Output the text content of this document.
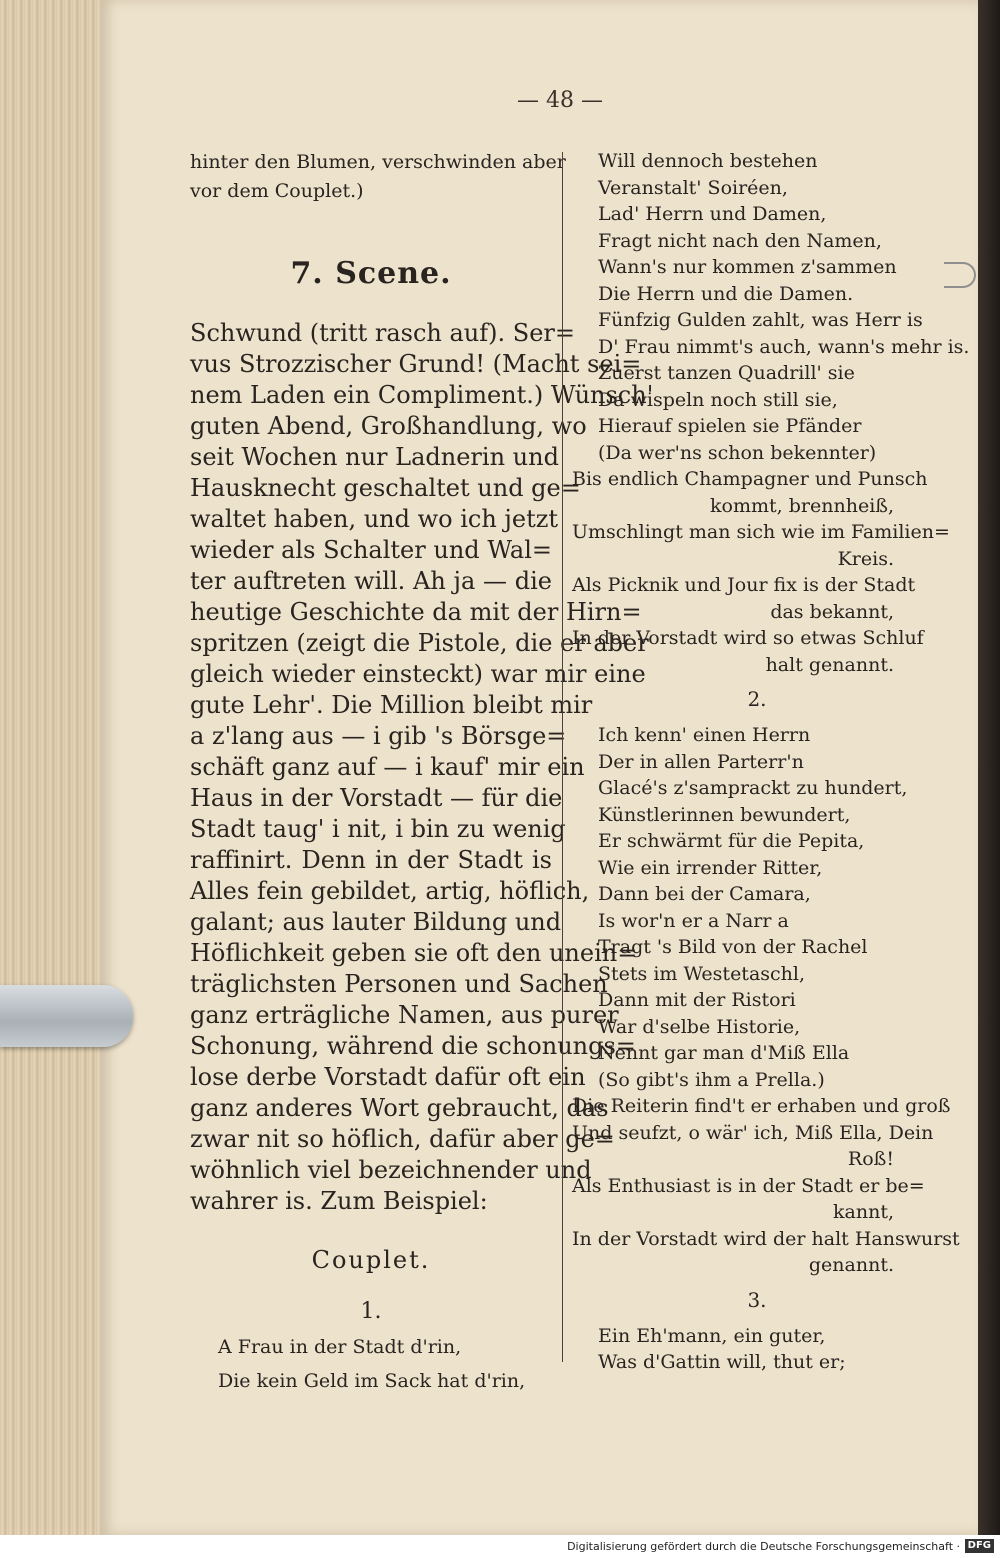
— 48 —
hinter den Blumen, verschwinden aber
vor dem Couplet.)
7. Scene.
Schwund (tritt rasch auf). Ser=
vus Strozzischer Grund! (Macht sei=
nem Laden ein Compliment.) Wünsch'
guten Abend, Großhandlung, wo
seit Wochen nur Ladnerin und
Hausknecht geschaltet und ge=
waltet haben, und wo ich jetzt
wieder als Schalter und Wal=
ter auftreten will. Ah ja — die
heutige Geschichte da mit der Hirn=
spritzen (zeigt die Pistole, die er aber
gleich wieder einsteckt) war mir eine
gute Lehr'. Die Million bleibt mir
a z'lang aus — i gib 's Börsge=
schäft ganz auf — i kauf' mir ein
Haus in der Vorstadt — für die
Stadt taug' i nit, i bin zu wenig
raffinirt. Denn in der Stadt is
Alles fein gebildet, artig, höflich,
galant; aus lauter Bildung und
Höflichkeit geben sie oft den unein=
träglichsten Personen und Sachen
ganz erträgliche Namen, aus purer
Schonung, während die schonungs=
lose derbe Vorstadt dafür oft ein
ganz anderes Wort gebraucht, das
zwar nit so höflich, dafür aber ge=
wöhnlich viel bezeichnender und
wahrer is. Zum Beispiel:
Couplet.
1.
A Frau in der Stadt d'rin,
Die kein Geld im Sack hat d'rin,
Will dennoch bestehen
Veranstalt' Soiréen,
Lad' Herrn und Damen,
Fragt nicht nach den Namen,
Wann's nur kommen z'sammen
Die Herrn und die Damen.
Fünfzig Gulden zahlt, was Herr is
D' Frau nimmt's auch, wann's mehr is.
Zuerst tanzen Quadrill' sie
Da wispeln noch still sie,
Hierauf spielen sie Pfänder
(Da wer'ns schon bekennter)
Bis endlich Champagner und Punsch
kommt, brennheiß,
Umschlingt man sich wie im Familien=
Kreis.
Als Picknik und Jour fix is der Stadt
das bekannt,
In der Vorstadt wird so etwas Schluf
halt genannt.
2.
Ich kenn' einen Herrn
Der in allen Parterr'n
Glacé's z'samprackt zu hundert,
Künstlerinnen bewundert,
Er schwärmt für die Pepita,
Wie ein irrender Ritter,
Dann bei der Camara,
Is wor'n er a Narr a
Tragt 's Bild von der Rachel
Stets im Westetaschl,
Dann mit der Ristori
War d'selbe Historie,
Nennt gar man d'Miß Ella
(So gibt's ihm a Prella.)
Die Reiterin find't er erhaben und groß
Und seufzt, o wär' ich, Miß Ella, Dein
Roß!
Als Enthusiast is in der Stadt er be=
kannt,
In der Vorstadt wird der halt Hanswurst
genannt.
3.
Ein Eh'mann, ein guter,
Was d'Gattin will, thut er;
Digitalisierung gefördert durch die Deutsche Forschungsgemeinschaft · DFG
